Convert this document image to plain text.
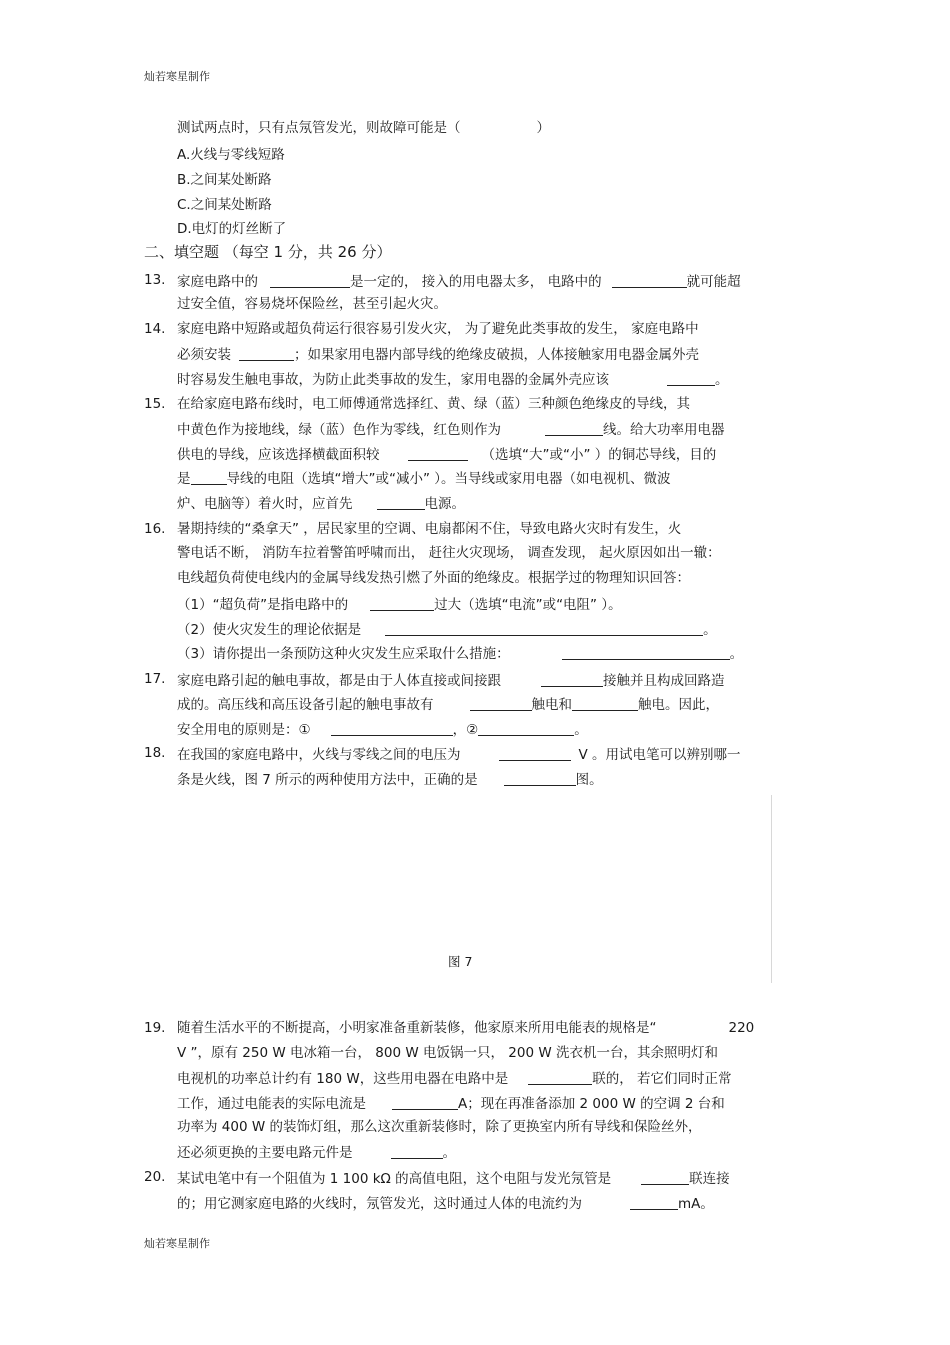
灿若寒星制作
测试两点时，只有点氖管发光，则故障可能是（	）
A.火线与零线短路
B.之间某处断路
C.之间某处断路
D.电灯的灯丝断了
二、填空题 （每空 1 分，共 26 分）
13. 家庭电路中的	是一定的， 接入的用电器太多， 电路中的	就可能超
过安全值，容易烧坏保险丝，甚至引起火灾。
14. 家庭电路中短路或超负荷运行很容易引发火灾， 为了避免此类事故的发生， 家庭电路中
必须安装	；如果家用电器内部导线的绝缘皮破损，人体接触家用电器金属外壳
时容易发生触电事故，为防止此类事故的发生，家用电器的金属外壳应该	。
15. 在给家庭电路布线时，电工师傅通常选择红、黄、绿（蓝）三种颜色绝缘皮的导线，其
中黄色作为接地线，绿（蓝）色作为零线，红色则作为	线。给大功率用电器
供电的导线，应该选择横截面积较	（选填“大”或“小” ）的铜芯导线，目的
是	导线的电阻（选填“增大”或“减小” ）。当导线或家用电器（如电视机、微波
炉、电脑等）着火时，应首先	电源。
16. 暑期持续的“桑拿天” ，居民家里的空调、电扇都闲不住，导致电路火灾时有发生，火
警电话不断， 消防车拉着警笛呼啸而出， 赶往火灾现场， 调查发现， 起火原因如出一辙：
电线超负荷使电线内的金属导线发热引燃了外面的绝缘皮。根据学过的物理知识回答：
（1）“超负荷”是指电路中的	过大（选填“电流”或“电阻” ）。
（2）使火灾发生的理论依据是	。
（3）请你提出一条预防这种火灾发生应采取什么措施：	。
17. 家庭电路引起的触电事故，都是由于人体直接或间接跟	接触并且构成回路造
成的。高压线和高压设备引起的触电事故有	触电和	触电。因此，
安全用电的原则是：①	，②	。
18. 在我国的家庭电路中，火线与零线之间的电压为	V 。用试电笔可以辨别哪一
条是火线，图 7 所示的两种使用方法中，正确的是	图。
图 7
19. 随着生活水平的不断提高，小明家准备重新装修，他家原来所用电能表的规格是“	220
V ”，原有 250 W 电冰箱一台， 800 W 电饭锅一只， 200 W 洗衣机一台，其余照明灯和
电视机的功率总计约有 180 W，这些用电器在电路中是	联的， 若它们同时正常
工作，通过电能表的实际电流是	A；现在再准备添加 2 000 W 的空调 2 台和
功率为 400 W 的装饰灯组，那么这次重新装修时，除了更换室内所有导线和保险丝外，
还必须更换的主要电路元件是	。
20. 某试电笔中有一个阻值为 1 100 kΩ 的高值电阻，这个电阻与发光氖管是	联连接
的；用它测家庭电路的火线时，氖管发光，这时通过人体的电流约为	mA。
灿若寒星制作
